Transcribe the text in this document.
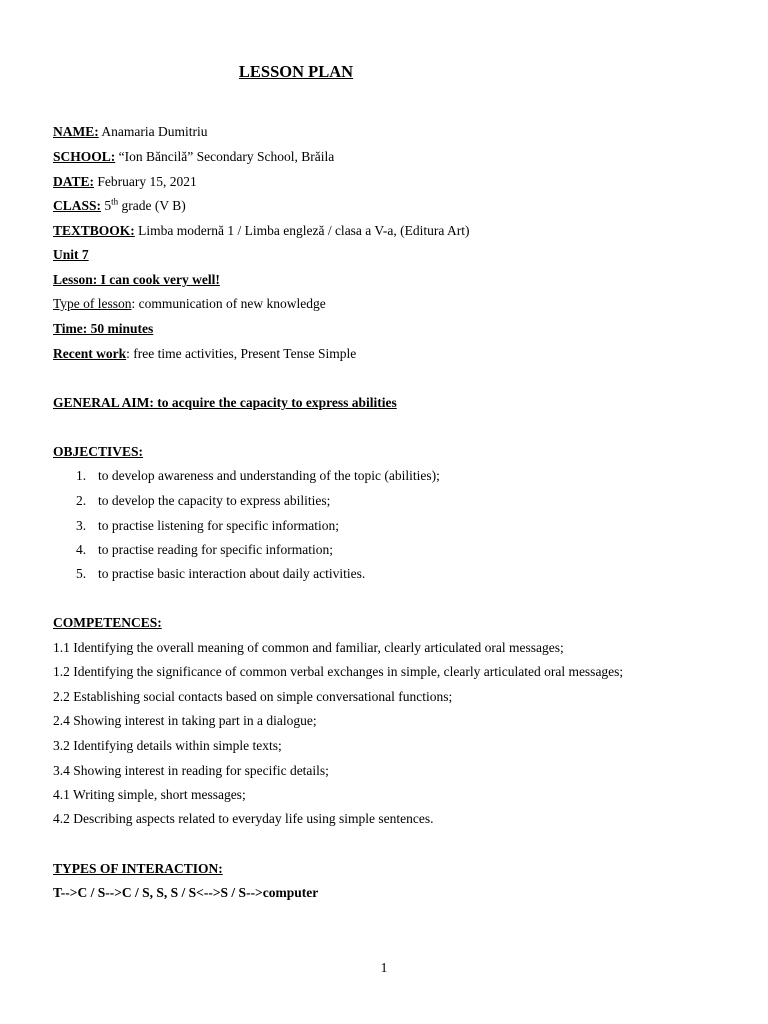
LESSON PLAN
NAME: Anamaria Dumitriu
SCHOOL: “Ion Băncilă” Secondary School, Brăila
DATE: February 15, 2021
CLASS: 5th grade (V B)
TEXTBOOK: Limba modernă 1 / Limba engleză / clasa a V-a, (Editura Art)
Unit 7
Lesson: I can cook very well!
Type of lesson: communication of new knowledge
Time: 50 minutes
Recent work: free time activities, Present Tense Simple
GENERAL AIM: to acquire the capacity to express abilities
OBJECTIVES:
1. to develop awareness and understanding of the topic (abilities);
2. to develop the capacity to express abilities;
3. to practise listening for specific information;
4. to practise reading for specific information;
5. to practise basic interaction about daily activities.
COMPETENCES:
1.1 Identifying the overall meaning of common and familiar, clearly articulated oral messages;
1.2 Identifying the significance of common verbal exchanges in simple, clearly articulated oral messages;
2.2 Establishing social contacts based on simple conversational functions;
2.4 Showing interest in taking part in a dialogue;
3.2 Identifying details within simple texts;
3.4 Showing interest in reading for specific details;
4.1 Writing simple, short messages;
4.2 Describing aspects related to everyday life using simple sentences.
TYPES OF INTERACTION:
T-->C / S-->C / S, S, S / S<-->S / S-->computer
1
